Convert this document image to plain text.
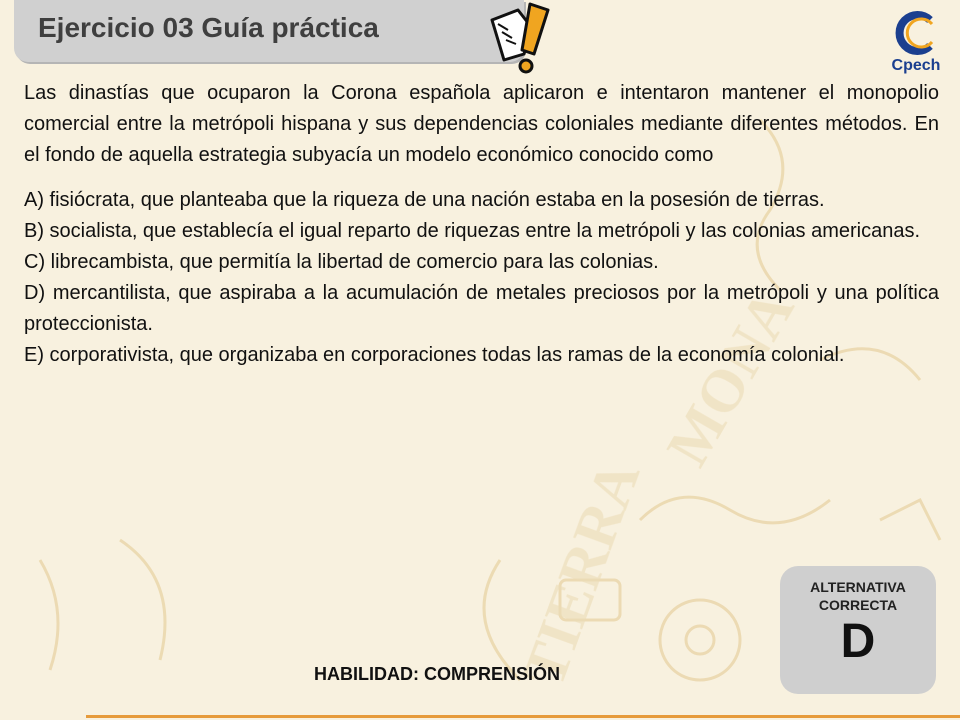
MONA
TIERRA
Ejercicio 03 Guía práctica
Cpech

Las dinastías que ocuparon la Corona española aplicaron e intentaron mantener el monopolio comercial entre la metrópoli hispana y sus dependencias coloniales mediante diferentes métodos. En el fondo de aquella estrategia subyacía un modelo económico conocido como

A) fisiócrata, que planteaba que la riqueza de una nación estaba en la posesión de tierras.

B) socialista, que establecía el igual reparto de riquezas entre la metrópoli y las colonias americanas.

C) librecambista, que permitía la libertad de comercio para las colonias.

D) mercantilista, que aspiraba a la acumulación de metales preciosos por la metrópoli y una política proteccionista.

E) corporativista, que organizaba en corporaciones todas las ramas de la economía colonial.

ALTERNATIVA
CORRECTA
D
HABILIDAD: COMPRENSIÓN
